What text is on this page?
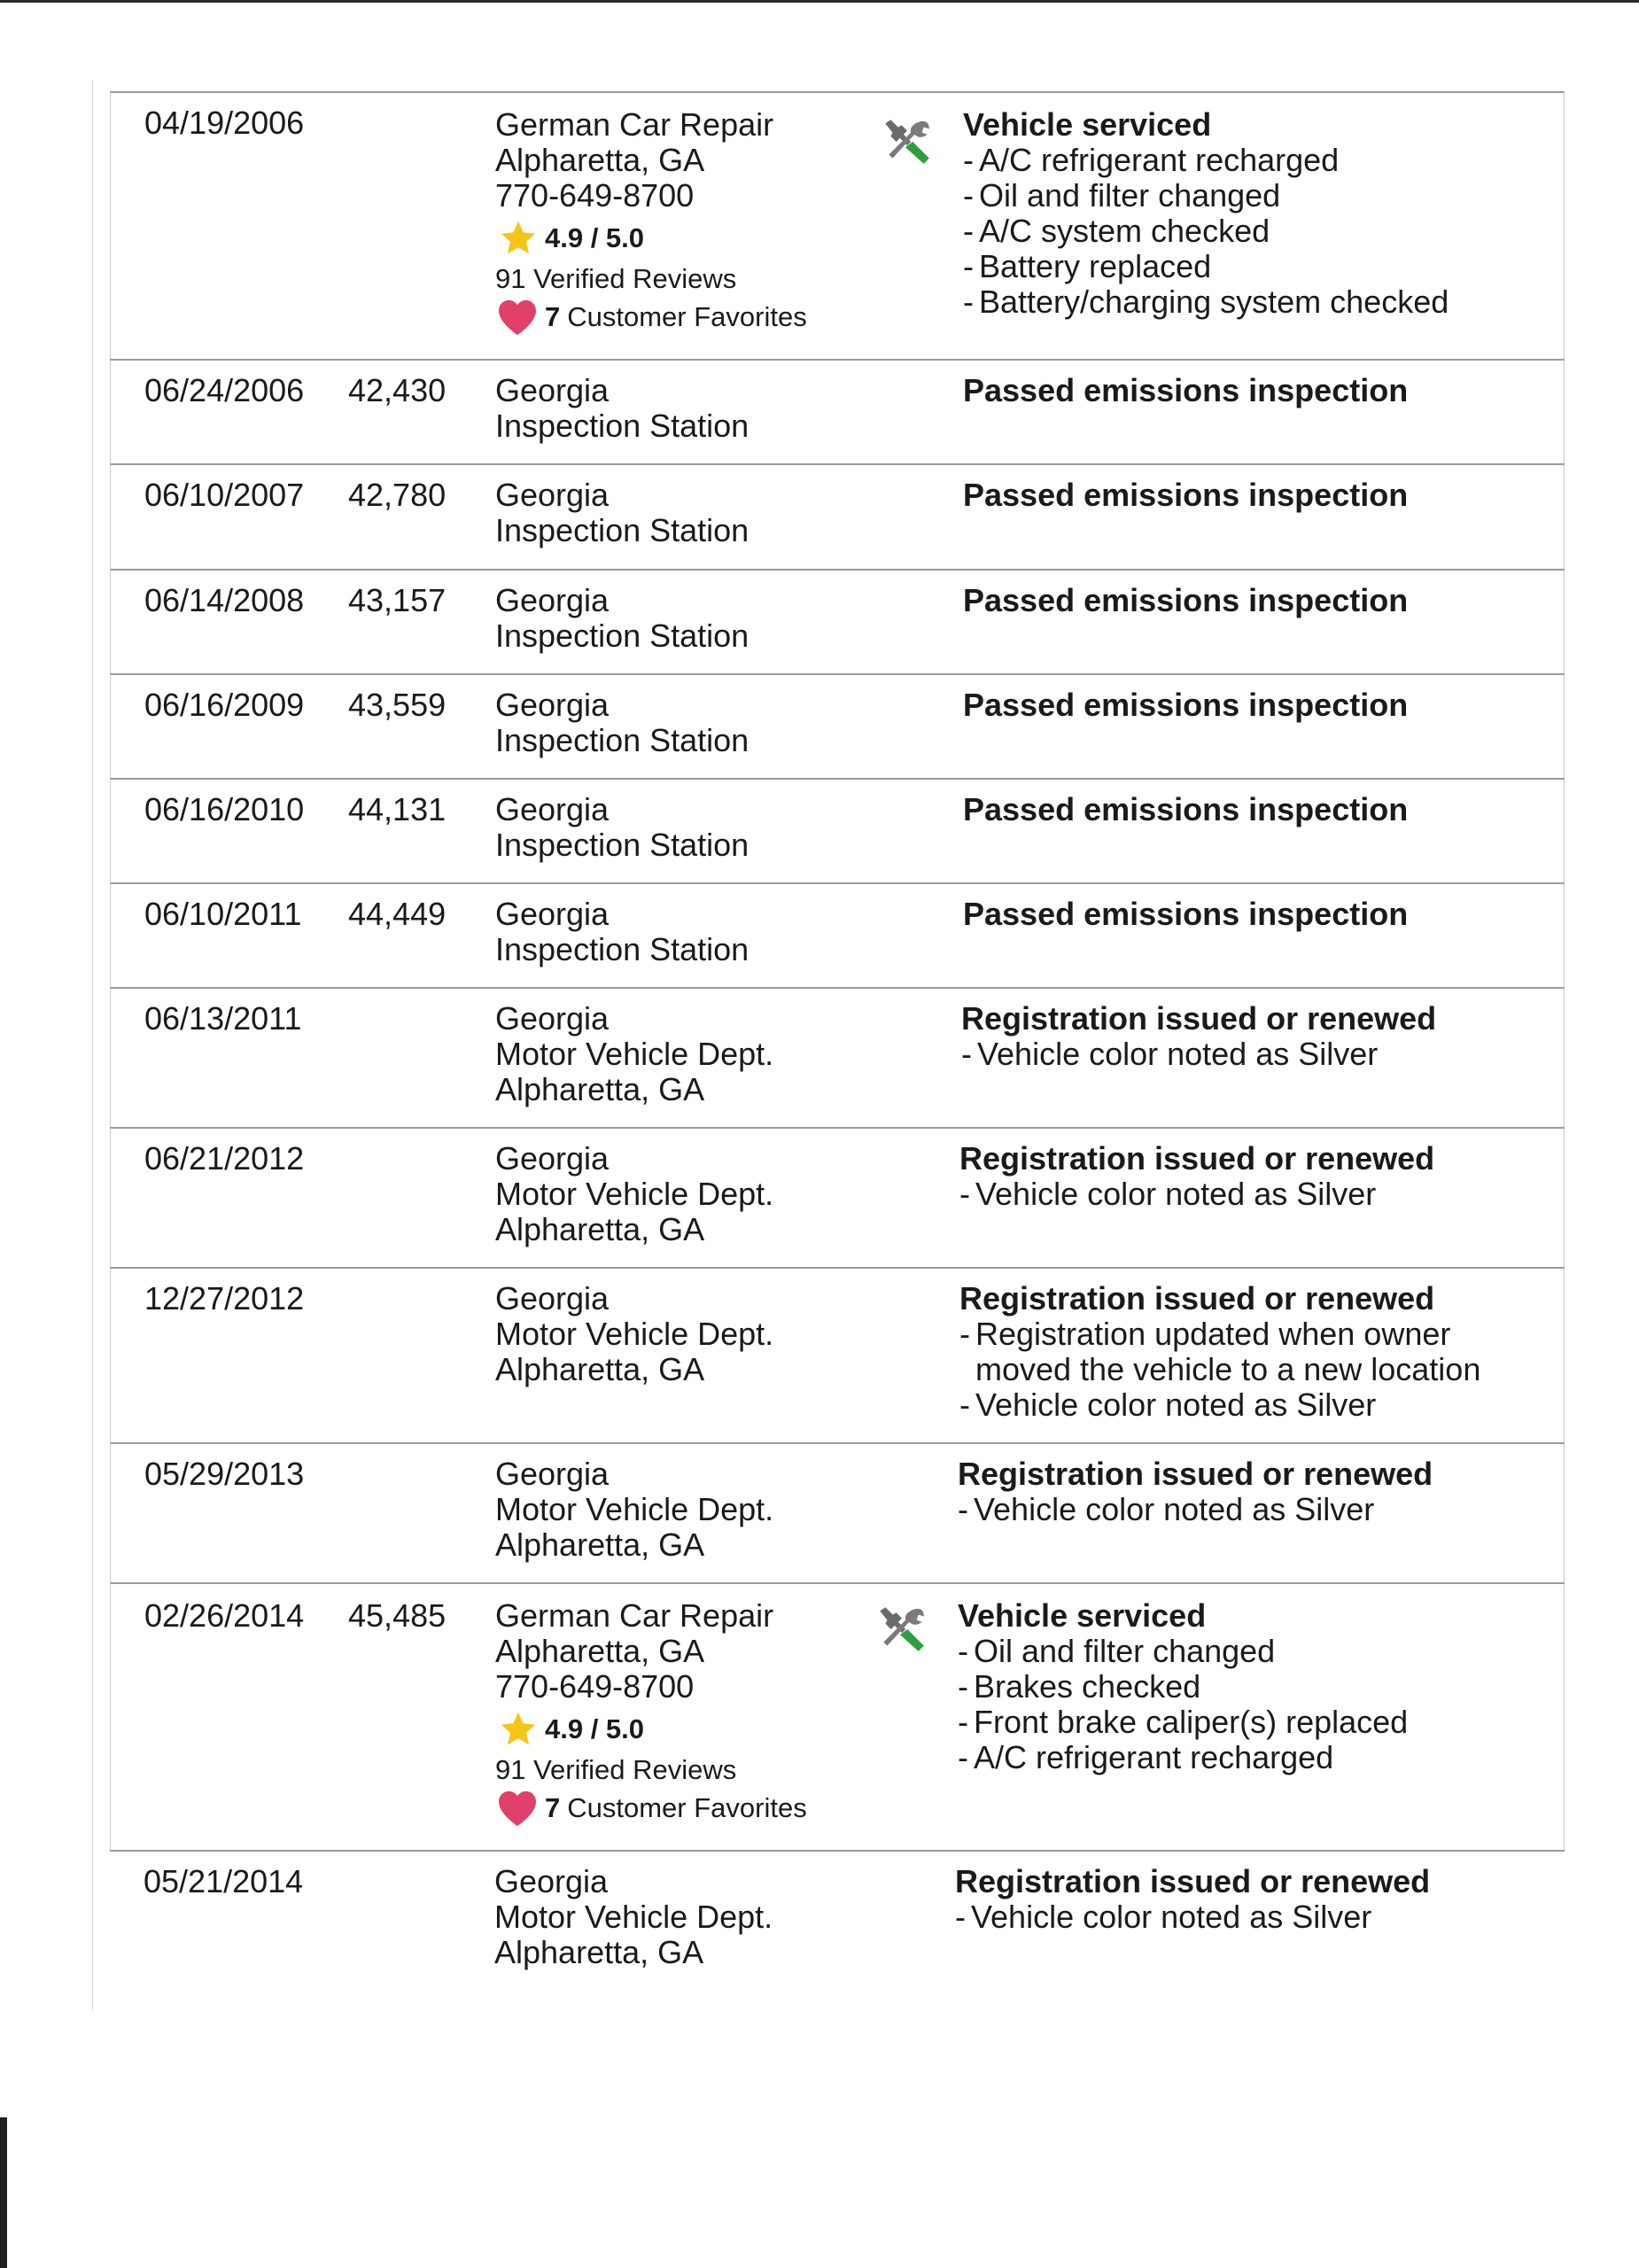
04/19/2006	German Car Repair
Alpharetta, GA
770-649-8700
4.9 / 5.0
91 Verified Reviews
7 Customer Favorites
Vehicle serviced
- A/C refrigerant recharged
- Oil and filter changed
- A/C system checked
- Battery replaced
- Battery/charging system checked
06/24/2006 42,430 Georgia
Inspection Station
Passed emissions inspection
06/10/2007 42,780 Georgia
Inspection Station
Passed emissions inspection
06/14/2008 43,157 Georgia
Inspection Station
Passed emissions inspection
06/16/2009 43,559 Georgia
Inspection Station
Passed emissions inspection
06/16/2010 44,131 Georgia
Inspection Station
Passed emissions inspection
06/10/2011 44,449 Georgia
Inspection Station
Passed emissions inspection
06/13/2011	Georgia
Motor Vehicle Dept.
Alpharetta, GA
Registration issued or renewed
- Vehicle color noted as Silver
06/21/2012	Georgia
Motor Vehicle Dept.
Alpharetta, GA
Registration issued or renewed
- Vehicle color noted as Silver
12/27/2012	Georgia
Motor Vehicle Dept.
Alpharetta, GA
Registration issued or renewed
- Registration updated when owner moved the vehicle to a new location
- Vehicle color noted as Silver
05/29/2013	Georgia
Motor Vehicle Dept.
Alpharetta, GA
Registration issued or renewed
- Vehicle color noted as Silver
02/26/2014 45,485 German Car Repair
Alpharetta, GA
770-649-8700
4.9 / 5.0
91 Verified Reviews
7 Customer Favorites
Vehicle serviced
- Oil and filter changed
- Brakes checked
- Front brake caliper(s) replaced
- A/C refrigerant recharged
05/21/2014	Georgia
Motor Vehicle Dept.
Alpharetta, GA
Registration issued or renewed
- Vehicle color noted as Silver
